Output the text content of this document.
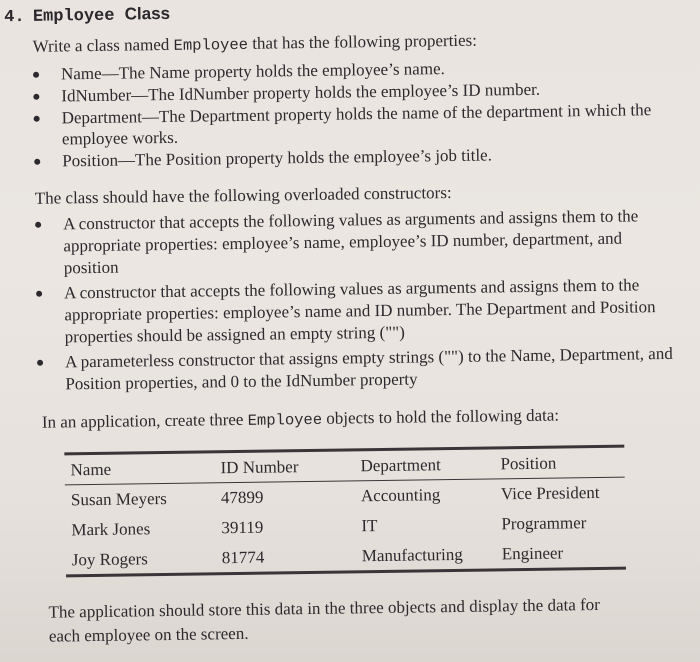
4. Employee Class
Write a class named Employee that has the following properties:
Name—The Name property holds the employee’s name.
IdNumber—The IdNumber property holds the employee’s ID number.
Department—The Department property holds the name of the department in which the employee works.
Position—The Position property holds the employee’s job title.
The class should have the following overloaded constructors:
A constructor that accepts the following values as arguments and assigns them to the appropriate properties: employee’s name, employee’s ID number, department, and position
A constructor that accepts the following values as arguments and assigns them to the appropriate properties: employee’s name and ID number. The Department and Position properties should be assigned an empty string ("")
A parameterless constructor that assigns empty strings ("") to the Name, Department, and Position properties, and 0 to the IdNumber property
In an application, create three Employee objects to hold the following data:
Name	ID Number	Department	Position
Susan Meyers	47899	Accounting	Vice President
Mark Jones	39119	IT	Programmer
Joy Rogers	81774	Manufacturing	Engineer
The application should store this data in the three objects and display the data for
each employee on the screen.
